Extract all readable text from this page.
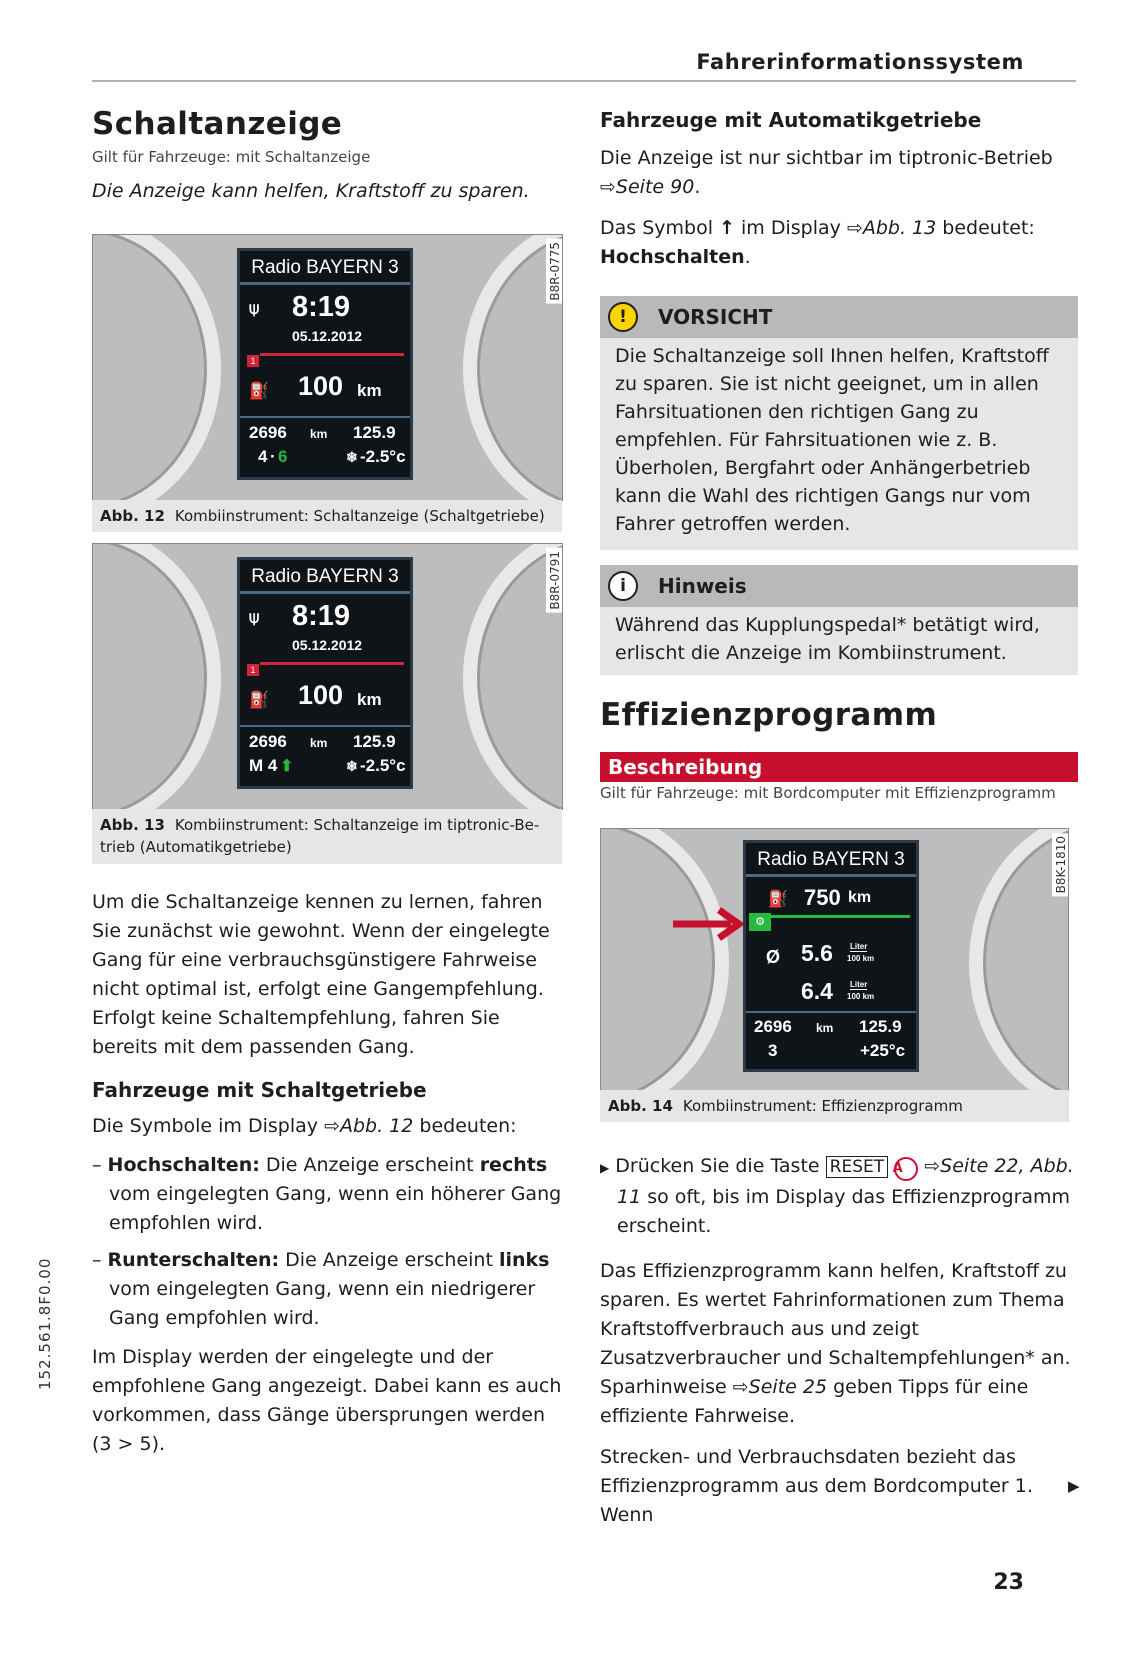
Fahrerinformationssystem
152.561.8F0.00
23
Schaltanzeige

Gilt für Fahrzeuge: mit Schaltanzeige

Die Anzeige kann helfen, Kraftstoff zu sparen.

B8R-0775
Radio BAYERN 3
⍦ 8:19
05.12.2012
1
⛽ 100 km
2696 km 125.9
4 · 6	❄ -2.5°c
Abb. 12 Kombiinstrument: Schaltanzeige (Schaltgetriebe)
B8R-0791
Radio BAYERN 3
⍦ 8:19
05.12.2012
1
⛽ 100 km
2696 km 125.9
M 4 ⬆	❄ -2.5°c
Abb. 13 Kombiinstrument: Schaltanzeige im tiptronic-Be-
trieb (Automatikgetriebe)

Um die Schaltanzeige kennen zu lernen, fahren Sie zunächst wie gewohnt. Wenn der eingelegte Gang für eine verbrauchsgünstigere Fahrweise nicht optimal ist, erfolgt eine Gangempfehlung. Erfolgt keine Schaltempfehlung, fahren Sie bereits mit dem passenden Gang.

Fahrzeuge mit Schaltgetriebe

Die Symbole im Display ⇨Abb. 12 bedeuten:

– Hochschalten: Die Anzeige erscheint rechts vom eingelegten Gang, wenn ein höherer Gang empfohlen wird.
– Runterschalten: Die Anzeige erscheint links vom eingelegten Gang, wenn ein niedrigerer Gang empfohlen wird.

Im Display werden der eingelegte und der empfohlene Gang angezeigt. Dabei kann es auch vorkommen, dass Gänge übersprungen werden (3 > 5).

Fahrzeuge mit Automatikgetriebe

Die Anzeige ist nur sichtbar im tiptronic-Betrieb
⇨Seite 90.

Das Symbol ↑ im Display ⇨Abb. 13 bedeutet:
Hochschalten.

!	VORSICHT
Die Schaltanzeige soll Ihnen helfen, Kraftstoff zu sparen. Sie ist nicht geeignet, um in allen Fahrsituationen den richtigen Gang zu empfehlen. Für Fahrsituationen wie z. B. Überholen, Bergfahrt oder Anhängerbetrieb kann die Wahl des richtigen Gangs nur vom Fahrer getroffen werden.
i	Hinweis
Während das Kupplungspedal* betätigt wird, erlischt die Anzeige im Kombiinstrument.
Effizienzprogramm
Beschreibung

Gilt für Fahrzeuge: mit Bordcomputer mit Effizienzprogramm

B8K-1810
Radio BAYERN 3
⛽ 750 km
⚙
Ø 5.6 Liter
100 km
6.4 Liter
100 km
2696 km 125.9
3	+25°c
Abb. 14 Kombiinstrument: Effizienzprogramm

▶ Drücken Sie die Taste RESET A ⇨Seite 22, Abb. 11 so oft, bis im Display das Effizienzprogramm erscheint.

Das Effizienzprogramm kann helfen, Kraftstoff zu sparen. Es wertet Fahrinformationen zum Thema Kraftstoffverbrauch aus und zeigt Zusatzverbraucher und Schaltempfehlungen* an. Sparhinweise ⇨Seite 25 geben Tipps für eine effiziente Fahrweise.

Strecken- und Verbrauchsdaten bezieht das Effizienzprogramm aus dem Bordcomputer 1. Wenn

▶
